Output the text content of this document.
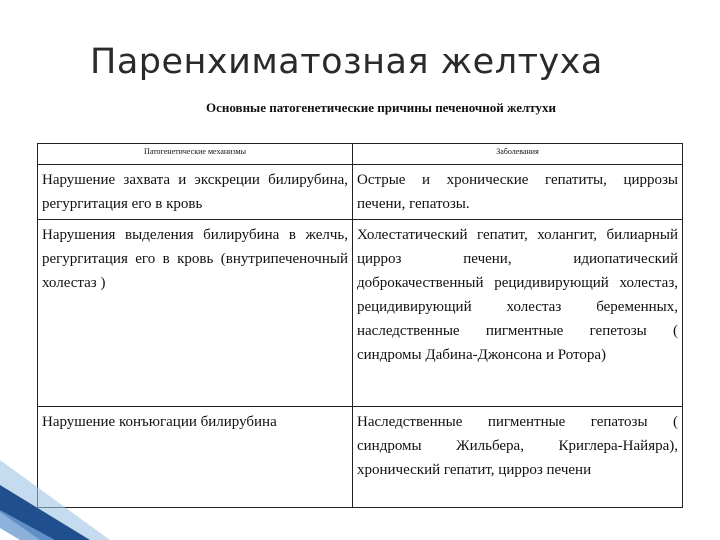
Паренхиматозная желтуха
Основные патогенетические причины печеночной желтухи
Патогенетические механизмы	Заболевания
Нарушение захвата и экскреции билирубина, регургитация его в кровь	Острые и хронические гепатиты, циррозы печени, гепатозы.
Нарушения выделения билирубина в желчь, регургитация его в кровь (внутрипеченочный холестаз )	Холестатический гепатит, холангит, билиарный цирроз печени, идиопатический доброкачественный рецидивирующий холестаз, рецидивирующий холестаз беременных, наследственные пигментные гепетозы ( синдромы Дабина-Джонсона и Ротора)
Нарушение конъюгации билирубина	Наследственные пигментные гепатозы ( синдромы Жильбера, Криглера-Найяра), хронический гепатит, цирроз печени
